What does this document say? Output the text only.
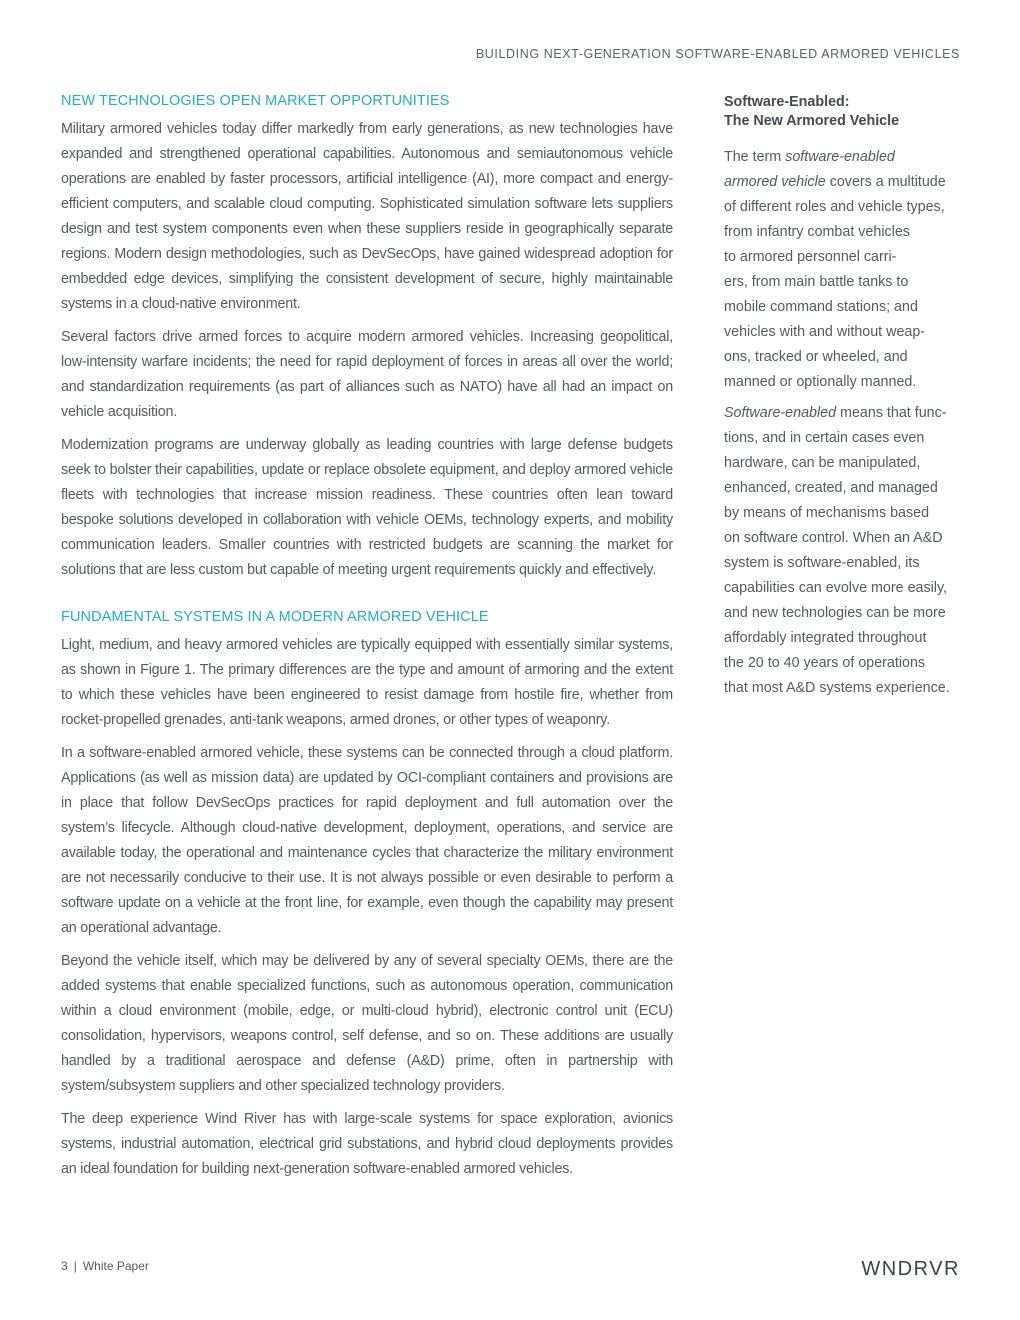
BUILDING NEXT-GENERATION SOFTWARE-ENABLED ARMORED VEHICLES
NEW TECHNOLOGIES OPEN MARKET OPPORTUNITIES

Military armored vehicles today differ markedly from early generations, as new technologies have expanded and strengthened operational capabilities. Autonomous and semiautonomous vehicle operations are enabled by faster processors, artificial intelligence (AI), more compact and energy-efficient computers, and scalable cloud computing. Sophisticated simulation software lets suppliers design and test system components even when these suppliers reside in geographically separate regions. Modern design methodologies, such as DevSecOps, have gained widespread adoption for embedded edge devices, simplifying the consistent development of secure, highly maintainable systems in a cloud-native environment.

Several factors drive armed forces to acquire modern armored vehicles. Increasing geopolitical, low-intensity warfare incidents; the need for rapid deployment of forces in areas all over the world; and standardization requirements (as part of alliances such as NATO) have all had an impact on vehicle acquisition.

Modernization programs are underway globally as leading countries with large defense budgets seek to bolster their capabilities, update or replace obsolete equipment, and deploy armored vehicle fleets with technologies that increase mission readiness. These countries often lean toward bespoke solutions developed in collaboration with vehicle OEMs, technology experts, and mobility communication leaders. Smaller countries with restricted budgets are scanning the market for solutions that are less custom but capable of meeting urgent requirements quickly and effectively.

FUNDAMENTAL SYSTEMS IN A MODERN ARMORED VEHICLE

Light, medium, and heavy armored vehicles are typically equipped with essentially similar systems, as shown in Figure 1. The primary differences are the type and amount of armoring and the extent to which these vehicles have been engineered to resist damage from hostile fire, whether from rocket-propelled grenades, anti-tank weapons, armed drones, or other types of weaponry.

In a software-enabled armored vehicle, these systems can be connected through a cloud platform. Applications (as well as mission data) are updated by OCI-compliant containers and provisions are in place that follow DevSecOps practices for rapid deployment and full automation over the system’s lifecycle. Although cloud-native development, deployment, operations, and service are available today, the operational and maintenance cycles that characterize the military environment are not necessarily conducive to their use. It is not always possible or even desirable to perform a software update on a vehicle at the front line, for example, even though the capability may present an operational advantage.

Beyond the vehicle itself, which may be delivered by any of several specialty OEMs, there are the added systems that enable specialized functions, such as autonomous operation, communication within a cloud environment (mobile, edge, or multi-cloud hybrid), electronic control unit (ECU) consolidation, hypervisors, weapons control, self defense, and so on. These additions are usually handled by a traditional aerospace and defense (A&D) prime, often in partnership with system/subsystem suppliers and other specialized technology providers.

The deep experience Wind River has with large-scale systems for space exploration, avionics systems, industrial automation, electrical grid substations, and hybrid cloud deployments provides an ideal foundation for building next-generation software-enabled armored vehicles.

Software-Enabled:
The New Armored Vehicle
The term software-enabled
armored vehicle covers a multitude
of different roles and vehicle types,
from infantry combat vehicles
to armored personnel carri-
ers, from main battle tanks to
mobile command stations; and
vehicles with and without weap-
ons, tracked or wheeled, and
manned or optionally manned.
Software-enabled means that func-
tions, and in certain cases even
hardware, can be manipulated,
enhanced, created, and managed
by means of mechanisms based
on software control. When an A&D
system is software-enabled, its
capabilities can evolve more easily,
and new technologies can be more
affordably integrated throughout
the 20 to 40 years of operations
that most A&D systems experience.
3 | White Paper	WNDRVR
